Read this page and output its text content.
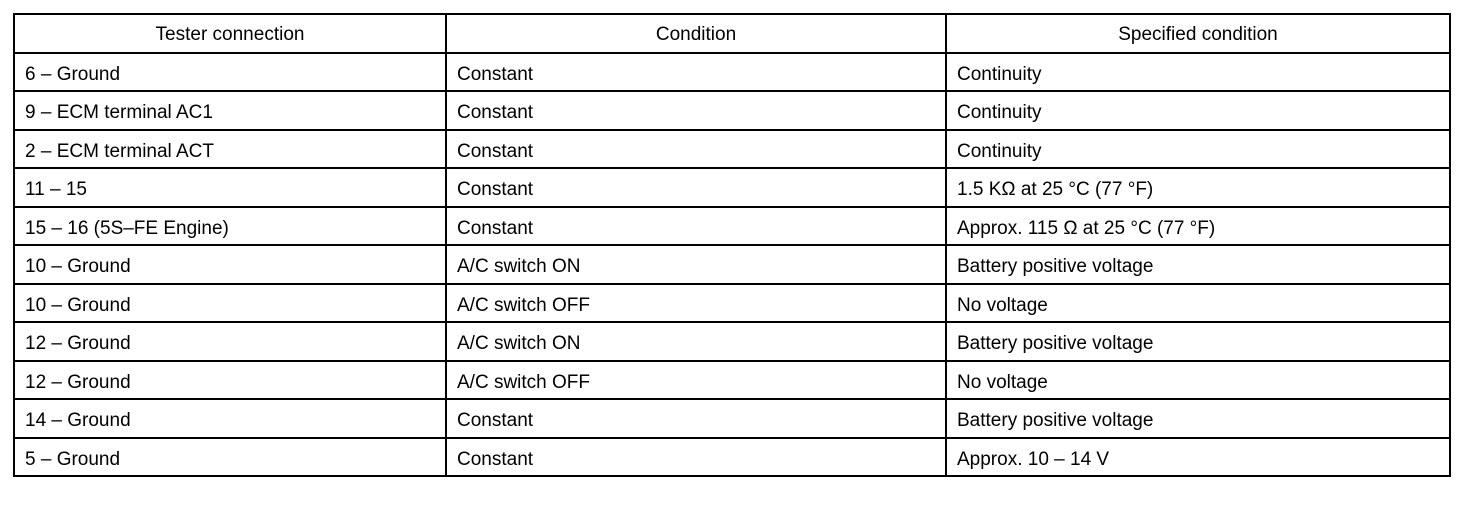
Tester connection	Condition	Specified condition
6 – Ground	Constant	Continuity
9 – ECM terminal AC1	Constant	Continuity
2 – ECM terminal ACT	Constant	Continuity
11 – 15	Constant	1.5 KΩ at 25 °C (77 °F)
15 – 16 (5S–FE Engine)	Constant	Approx. 115 Ω at 25 °C (77 °F)
10 – Ground	A/C switch ON	Battery positive voltage
10 – Ground	A/C switch OFF	No voltage
12 – Ground	A/C switch ON	Battery positive voltage
12 – Ground	A/C switch OFF	No voltage
14 – Ground	Constant	Battery positive voltage
5 – Ground	Constant	Approx. 10 – 14 V
